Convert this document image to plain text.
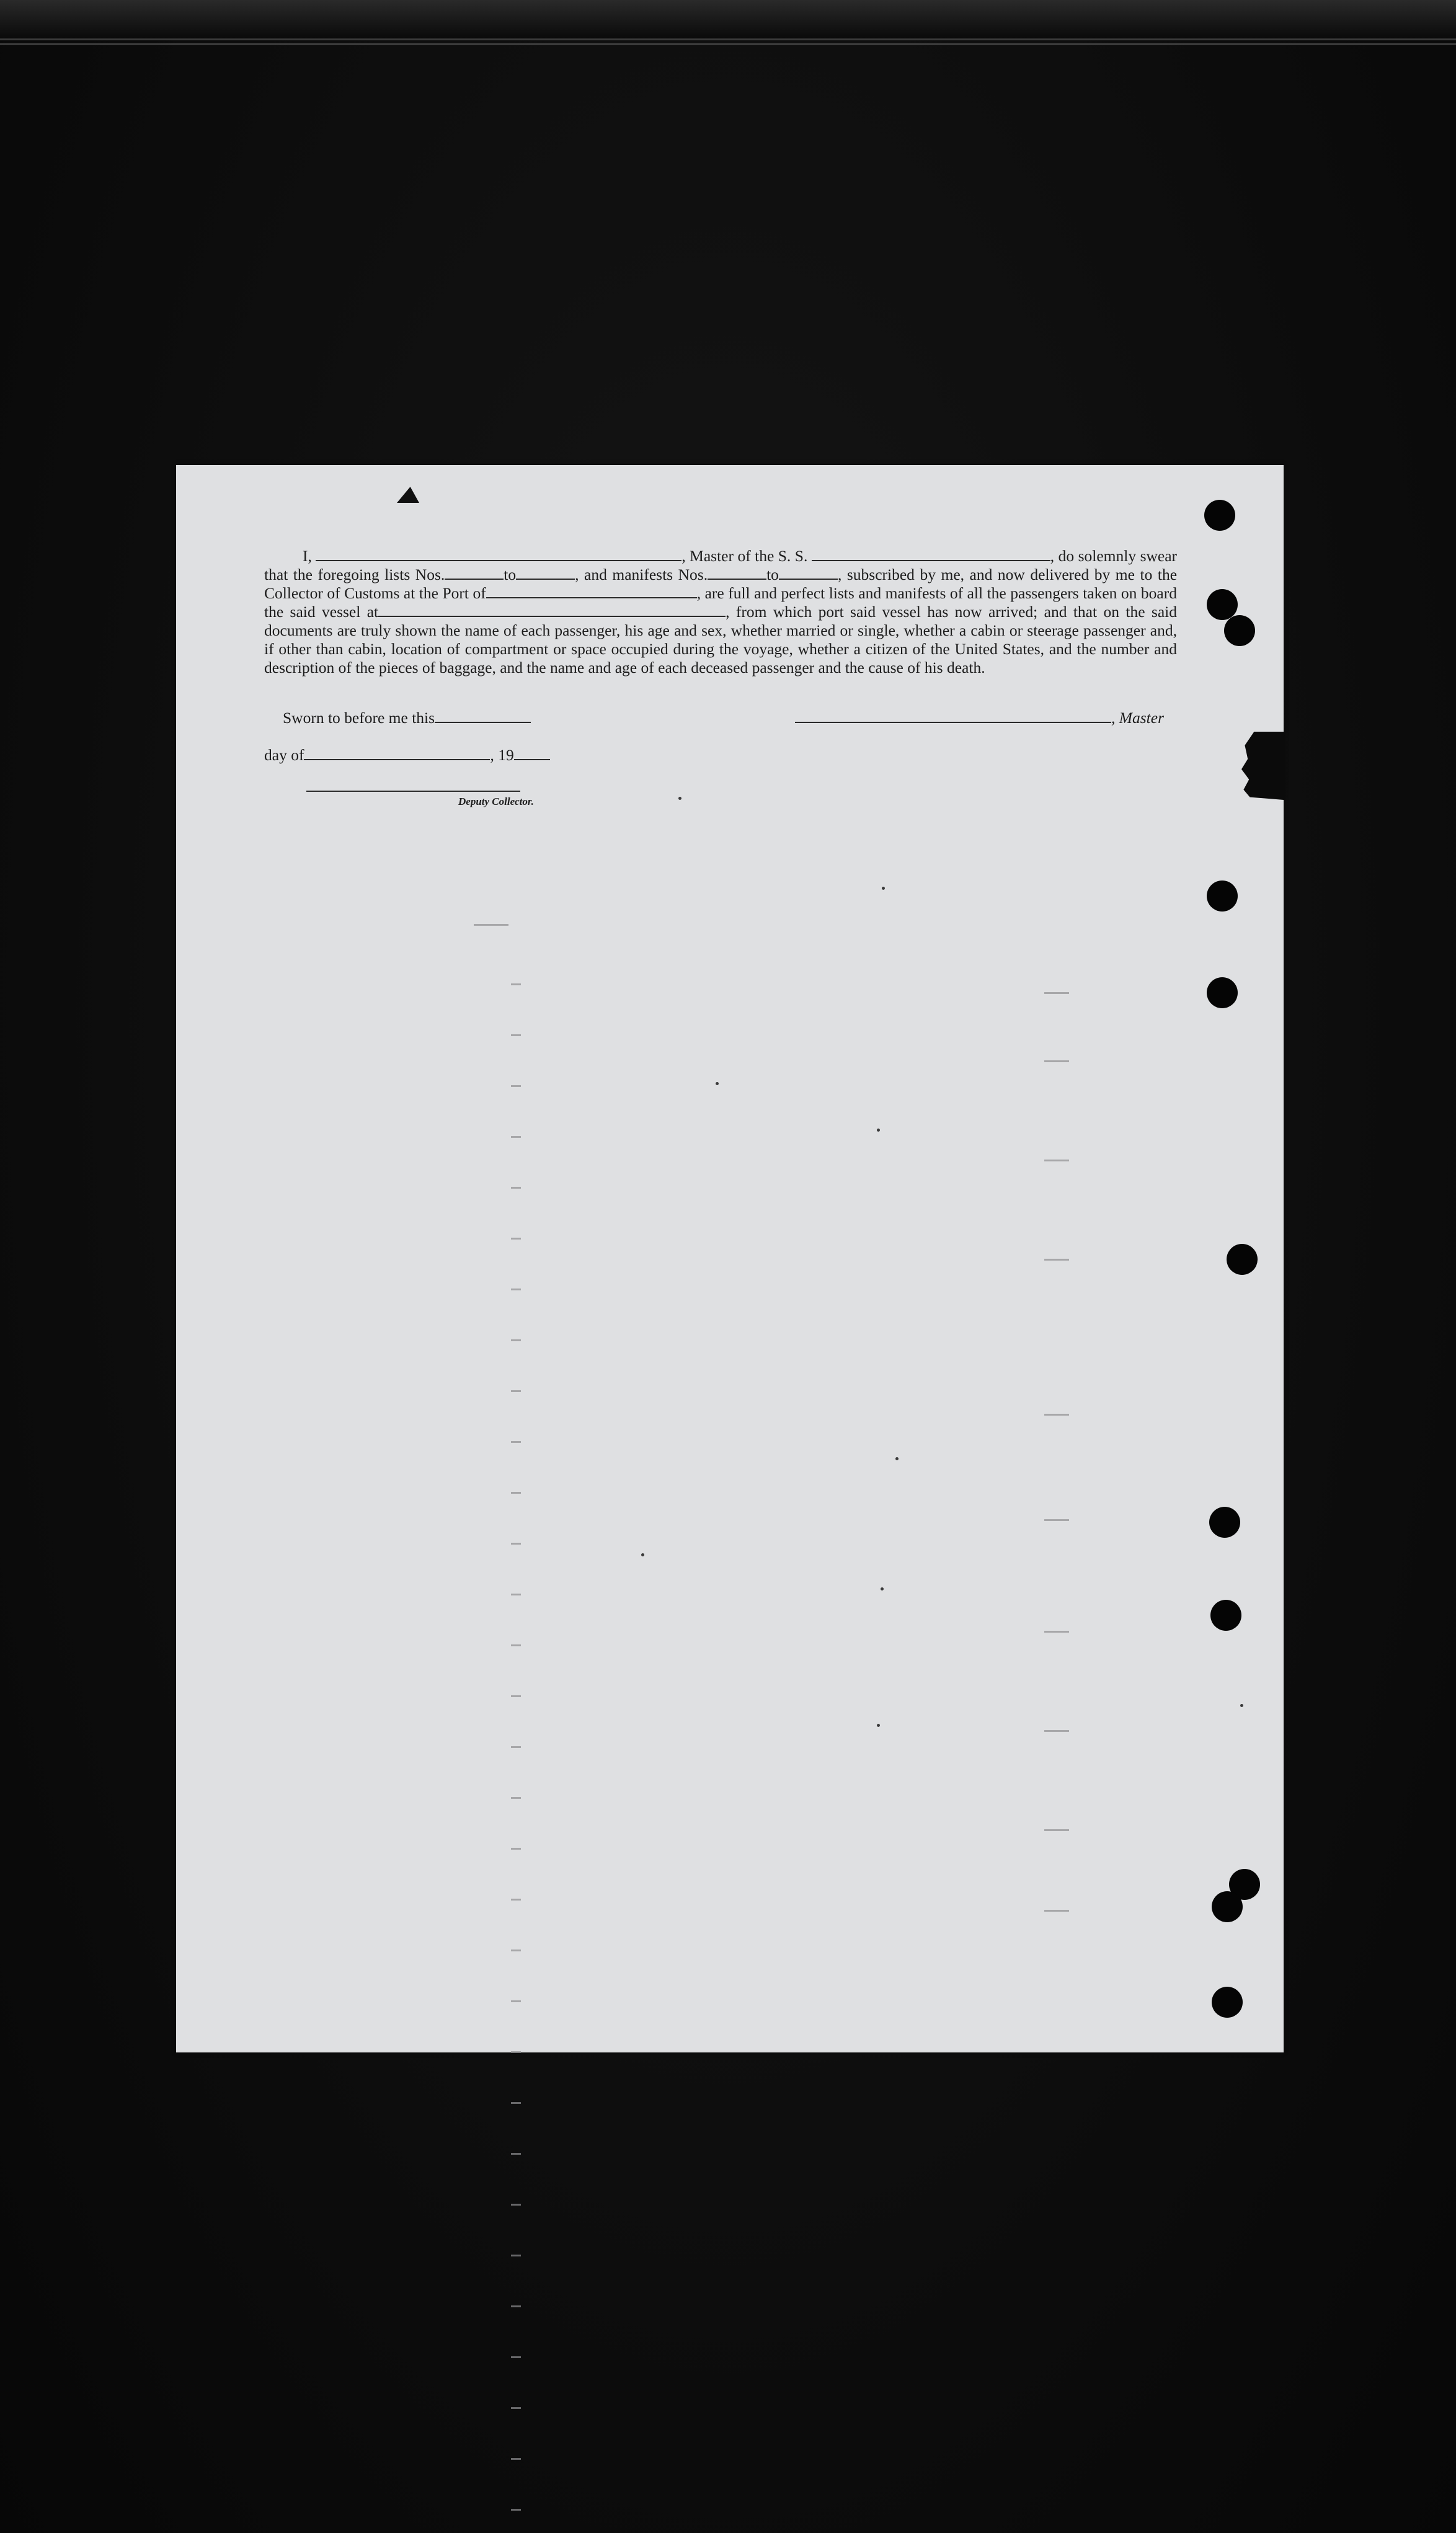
I,	, Master of the S. S.	, do solemnly swear that the foregoing lists Nos.	to	, and manifests Nos.	to	, subscribed by me, and now delivered by me to the Collector of Customs at the Port of	, are full and perfect lists and manifests of all the passengers taken on board the said vessel at	, from which port said vessel has now arrived; and that on the said documents are truly shown the name of each passenger, his age and sex, whether married or single, whether a cabin or steerage passenger and, if other than cabin, location of compartment or space occupied during the voyage, whether a citizen of the United States, and the number and description of the pieces of baggage, and the name and age of each deceased passenger and the cause of his death.
Sworn to before me this	, Master
day of	, 19
Deputy Collector.
